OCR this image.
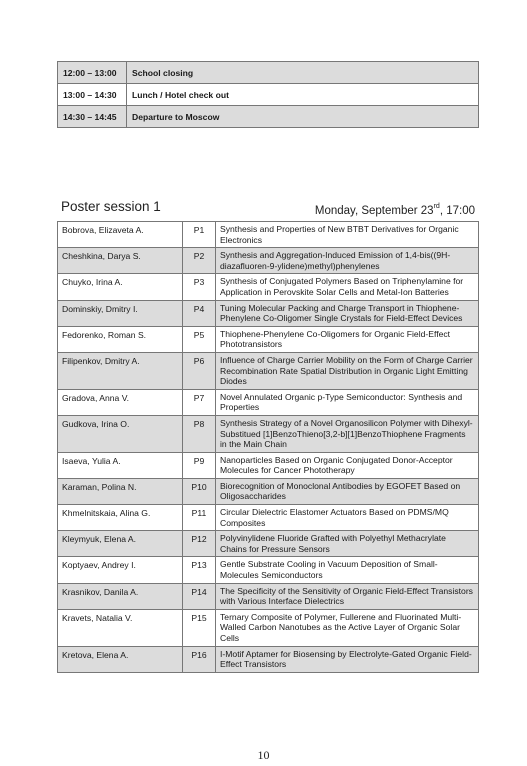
12:00 – 13:00	School closing
13:00 – 14:30	Lunch / Hotel check out
14:30 – 14:45	Departure to Moscow
Poster session 1	Monday, September 23rd, 17:00
Bobrova, Elizaveta A.	P1	Synthesis and Properties of New BTBT Derivatives for Organic Electronics
Cheshkina, Darya S.	P2	Synthesis and Aggregation-Induced Emission of 1,4-bis((9H-diazafluoren-9-ylidene)methyl)phenylenes
Chuyko, Irina A.	P3	Synthesis of Conjugated Polymers Based on Triphenylamine for Application in Perovskite Solar Cells and Metal-Ion Batteries
Dominskiy, Dmitry I.	P4	Tuning Molecular Packing and Charge Transport in Thiophene-Phenylene Co-Oligomer Single Crystals for Field-Effect Devices
Fedorenko, Roman S.	P5	Thiophene-Phenylene Co-Oligomers for Organic Field-Effect Phototransistors
Filipenkov, Dmitry A.	P6	Influence of Charge Carrier Mobility on the Form of Charge Carrier Recombination Rate Spatial Distribution in Organic Light Emitting Diodes
Gradova, Anna V.	P7	Novel Annulated Organic p-Type Semiconductor: Synthesis and Properties
Gudkova, Irina O.	P8	Synthesis Strategy of a Novel Organosilicon Polymer with Dihexyl-Substitued [1]BenzoThieno[3,2-b][1]BenzoThiophene Fragments in the Main Chain
Isaeva, Yulia A.	P9	Nanoparticles Based on Organic Conjugated Donor-Acceptor Molecules for Cancer Phototherapy
Karaman, Polina N.	P10	Biorecognition of Monoclonal Antibodies by EGOFET Based on Oligosaccharides
Khmelnitskaia, Alina G.	P11	Circular Dielectric Elastomer Actuators Based on PDMS/MQ Composites
Kleymyuk, Elena A.	P12	Polyvinylidene Fluoride Grafted with Polyethyl Methacrylate Chains for Pressure Sensors
Koptyaev, Andrey I.	P13	Gentle Substrate Cooling in Vacuum Deposition of Small-Molecules Semiconductors
Krasnikov, Danila A.	P14	The Specificity of the Sensitivity of Organic Field-Effect Transistors with Various Interface Dielectrics
Kravets, Natalia V.	P15	Ternary Composite of Polymer, Fullerene and Fluorinated Multi-Walled Carbon Nanotubes as the Active Layer of Organic Solar Cells
Kretova, Elena A.	P16	I-Motif Aptamer for Biosensing by Electrolyte-Gated Organic Field-Effect Transistors
10
